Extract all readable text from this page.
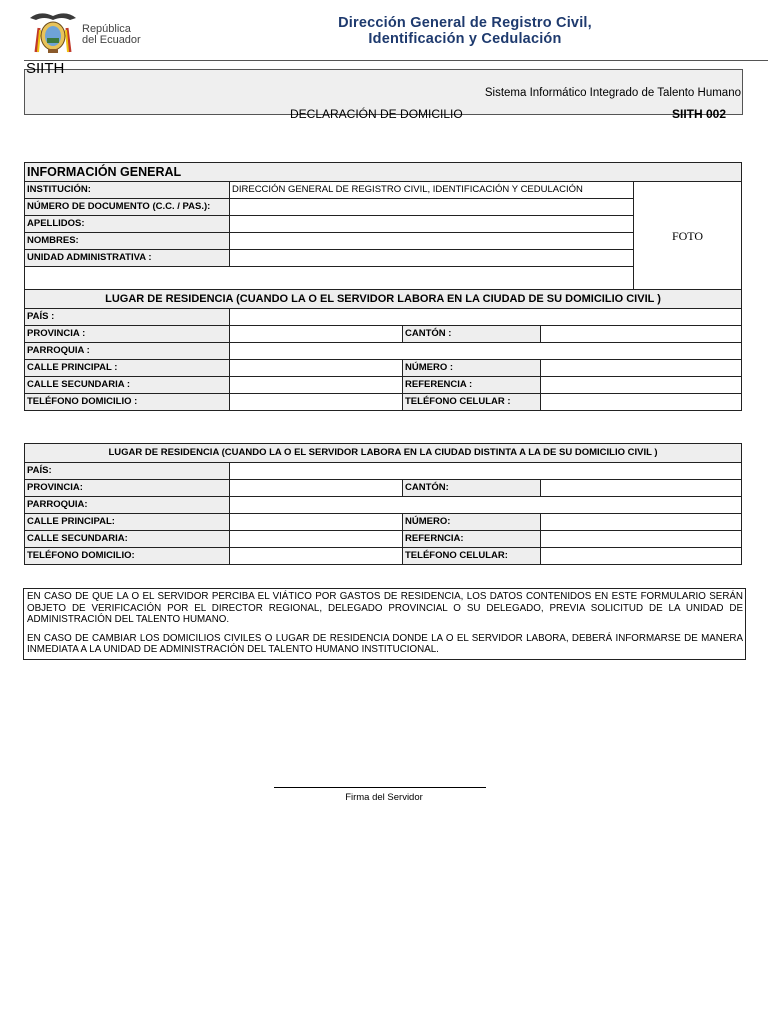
República
del Ecuador
Dirección General de Registro Civil,
Identificación y Cedulación
SIITH
Sistema Informático Integrado de Talento Humano
DECLARACIÓN DE DOMICILIO	SIITH 002
INFORMACIÓN GENERAL				
INSTITUCIÓN:	DIRECCIÓN GENERAL DE REGISTRO CIVIL, IDENTIFICACIÓN Y CEDULACIÓN			FOTO
NÚMERO DE DOCUMENTO (C.C. / PAS.):				
APELLIDOS:				
NOMBRES:				
UNIDAD ADMINISTRATIVA :				

LUGAR DE RESIDENCIA (CUANDO LA O EL SERVIDOR LABORA EN LA CIUDAD DE SU DOMICILIO CIVIL )				
PAÍS :				
PROVINCIA :		CANTÓN :		
PARROQUIA :				
CALLE PRINCIPAL :		NÚMERO :		
CALLE SECUNDARIA :		REFERENCIA :		
TELÉFONO DOMICILIO :		TELÉFONO CELULAR :		
LUGAR DE RESIDENCIA (CUANDO LA O EL SERVIDOR LABORA EN LA CIUDAD DISTINTA A LA DE SU DOMICILIO CIVIL )			
PAÍS:			
PROVINCIA:		CANTÓN:	
PARROQUIA:			
CALLE PRINCIPAL:		NÚMERO:	
CALLE SECUNDARIA:		REFERNCIA:	
TELÉFONO DOMICILIO:		TELÉFONO CELULAR:	

EN CASO DE QUE LA O EL SERVIDOR PERCIBA EL VIÁTICO POR GASTOS DE RESIDENCIA, LOS DATOS CONTENIDOS EN ESTE FORMULARIO SERÁN OBJETO DE VERIFICACIÓN POR EL DIRECTOR REGIONAL, DELEGADO PROVINCIAL O SU DELEGADO, PREVIA SOLICITUD DE LA UNIDAD DE ADMINISTRACIÓN DEL TALENTO HUMANO.

EN CASO DE CAMBIAR LOS DOMICILIOS CIVILES O LUGAR DE RESIDENCIA DONDE LA O EL SERVIDOR LABORA, DEBERÁ INFORMARSE DE MANERA INMEDIATA A LA UNIDAD DE ADMINISTRACIÓN DEL TALENTO HUMANO INSTITUCIONAL.

Firma del Servidor
